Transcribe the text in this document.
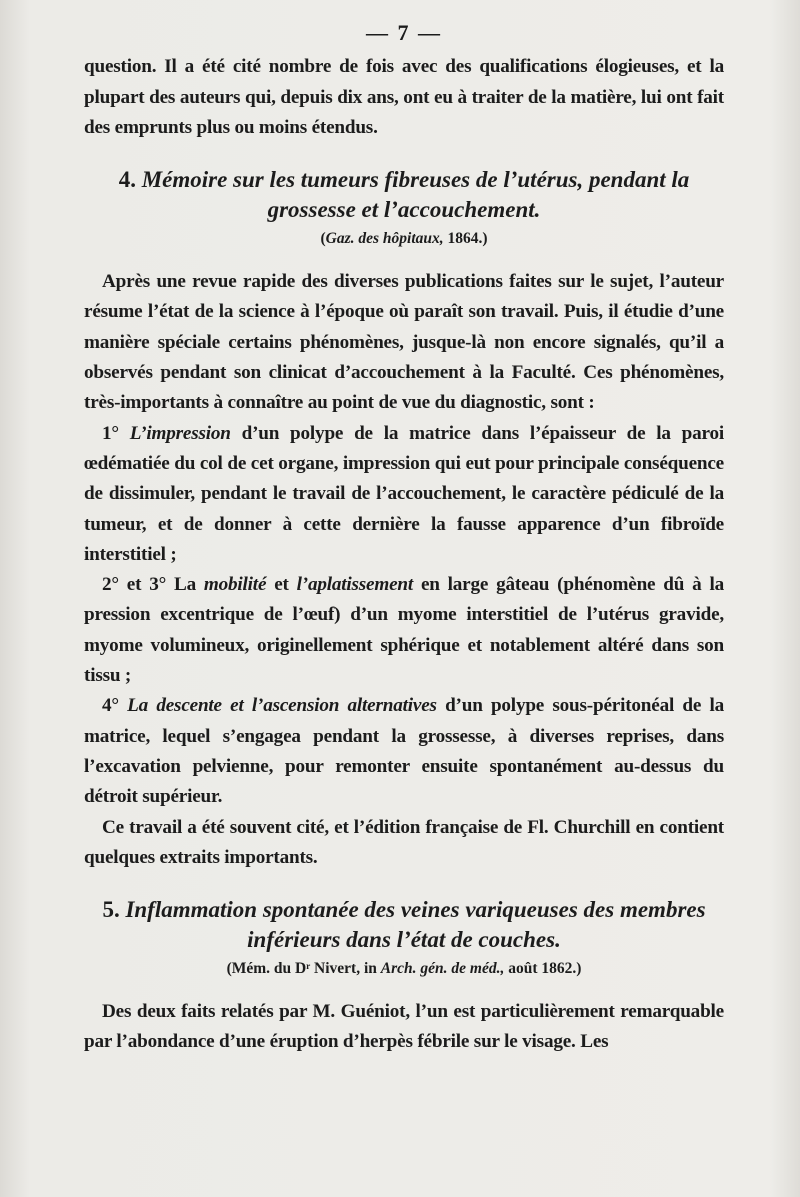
— 7 —

question. Il a été cité nombre de fois avec des qualifications élogieuses, et la plupart des auteurs qui, depuis dix ans, ont eu à traiter de la matière, lui ont fait des emprunts plus ou moins étendus.

4. Mémoire sur les tumeurs fibreuses de l’utérus, pendant la grossesse et l’accouchement.

(Gaz. des hôpitaux, 1864.)

Après une revue rapide des diverses publications faites sur le sujet, l’auteur résume l’état de la science à l’époque où paraît son travail. Puis, il étudie d’une manière spéciale certains phénomènes, jusque-là non encore signalés, qu’il a observés pendant son clinicat d’accouchement à la Faculté. Ces phénomènes, très-importants à connaître au point de vue du diagnostic, sont :

1° L’impression d’un polype de la matrice dans l’épaisseur de la paroi œdématiée du col de cet organe, impression qui eut pour principale conséquence de dissimuler, pendant le travail de l’accouchement, le caractère pédiculé de la tumeur, et de donner à cette dernière la fausse apparence d’un fibroïde interstitiel ;

2° et 3° La mobilité et l’aplatissement en large gâteau (phénomène dû à la pression excentrique de l’œuf) d’un myome interstitiel de l’utérus gravide, myome volumineux, originellement sphérique et notablement altéré dans son tissu ;

4° La descente et l’ascension alternatives d’un polype sous-péritonéal de la matrice, lequel s’engagea pendant la grossesse, à diverses reprises, dans l’excavation pelvienne, pour remonter ensuite spontanément au-dessus du détroit supérieur.

Ce travail a été souvent cité, et l’édition française de Fl. Churchill en contient quelques extraits importants.

5. Inflammation spontanée des veines variqueuses des membres inférieurs dans l’état de couches.

(Mém. du Dʳ Nivert, in Arch. gén. de méd., août 1862.)

Des deux faits relatés par M. Guéniot, l’un est particulièrement remarquable par l’abondance d’une éruption d’herpès fébrile sur le visage. Les
